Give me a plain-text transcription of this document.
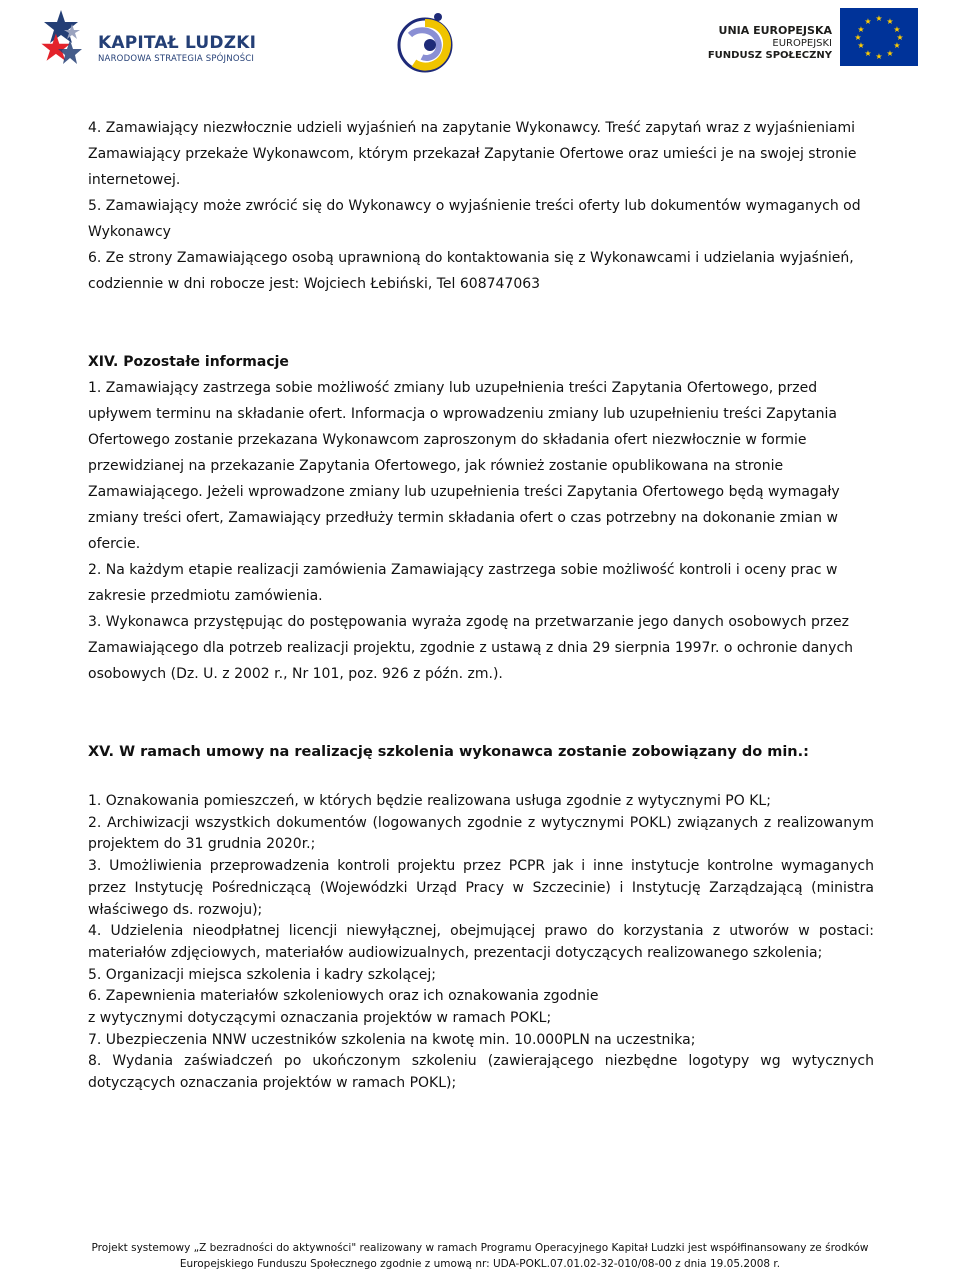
KAPITAŁ LUDZKI
NARODOWA STRATEGIA SPÓJNOŚCI
UNIA EUROPEJSKA
EUROPEJSKI
FUNDUSZ SPOŁECZNY
★ ★
★
★
★
★
★
★
★
★
★
★

4. Zamawiający niezwłocznie udzieli wyjaśnień na zapytanie Wykonawcy. Treść zapytań wraz z wyjaśnieniami Zamawiający przekaże Wykonawcom, którym przekazał Zapytanie Ofertowe oraz umieści je na swojej stronie internetowej.

5. Zamawiający może zwrócić się do Wykonawcy o wyjaśnienie treści oferty lub dokumentów wymaganych od Wykonawcy

6. Ze strony Zamawiającego osobą uprawnioną do kontaktowania się z Wykonawcami i udzielania wyjaśnień, codziennie w dni robocze jest: Wojciech Łebiński, Tel 608747063

XIV. Pozostałe informacje

1. Zamawiający zastrzega sobie możliwość zmiany lub uzupełnienia treści Zapytania Ofertowego, przed upływem terminu na składanie ofert. Informacja o wprowadzeniu zmiany lub uzupełnieniu treści Zapytania Ofertowego zostanie przekazana Wykonawcom zaproszonym do składania ofert niezwłocznie w formie przewidzianej na przekazanie Zapytania Ofertowego, jak również zostanie opublikowana na stronie Zamawiającego. Jeżeli wprowadzone zmiany lub uzupełnienia treści Zapytania Ofertowego będą wymagały zmiany treści ofert, Zamawiający przedłuży termin składania ofert o czas potrzebny na dokonanie zmian w ofercie.

2. Na każdym etapie realizacji zamówienia Zamawiający zastrzega sobie możliwość kontroli i oceny prac w zakresie przedmiotu zamówienia.

3. Wykonawca przystępując do postępowania wyraża zgodę na przetwarzanie jego danych osobowych przez Zamawiającego dla potrzeb realizacji projektu, zgodnie z ustawą z dnia 29 sierpnia 1997r. o ochronie danych osobowych (Dz. U. z 2002 r., Nr 101, poz. 926 z późn. zm.).

XV. W ramach umowy na realizację szkolenia wykonawca zostanie zobowiązany do min.:

1. Oznakowania pomieszczeń, w których będzie realizowana usługa zgodnie z wytycznymi PO KL;

2. Archiwizacji wszystkich dokumentów (logowanych zgodnie z wytycznymi POKL) związanych z realizowanym projektem do 31 grudnia 2020r.;

3. Umożliwienia przeprowadzenia kontroli projektu przez PCPR jak i inne instytucje kontrolne wymaganych przez Instytucję Pośredniczącą (Wojewódzki Urząd Pracy w Szczecinie) i Instytucję Zarządzającą (ministra właściwego ds. rozwoju);

4. Udzielenia nieodpłatnej licencji niewyłącznej, obejmującej prawo do korzystania z utworów w postaci: materiałów zdjęciowych, materiałów audiowizualnych, prezentacji dotyczących realizowanego szkolenia;

5. Organizacji miejsca szkolenia i kadry szkolącej;

6. Zapewnienia materiałów szkoleniowych oraz ich oznakowania zgodnie

z wytycznymi dotyczącymi oznaczania projektów w ramach POKL;

7. Ubezpieczenia NNW uczestników szkolenia na kwotę min. 10.000PLN na uczestnika;

8. Wydania zaświadczeń po ukończonym szkoleniu (zawierającego niezbędne logotypy wg wytycznych dotyczących oznaczania projektów w ramach POKL);

Projekt systemowy „Z bezradności do aktywności" realizowany w ramach Programu Operacyjnego Kapitał Ludzki jest współfinansowany ze środków
Europejskiego Funduszu Społecznego zgodnie z umową nr: UDA-POKL.07.01.02-32-010/08-00 z dnia 19.05.2008 r.
